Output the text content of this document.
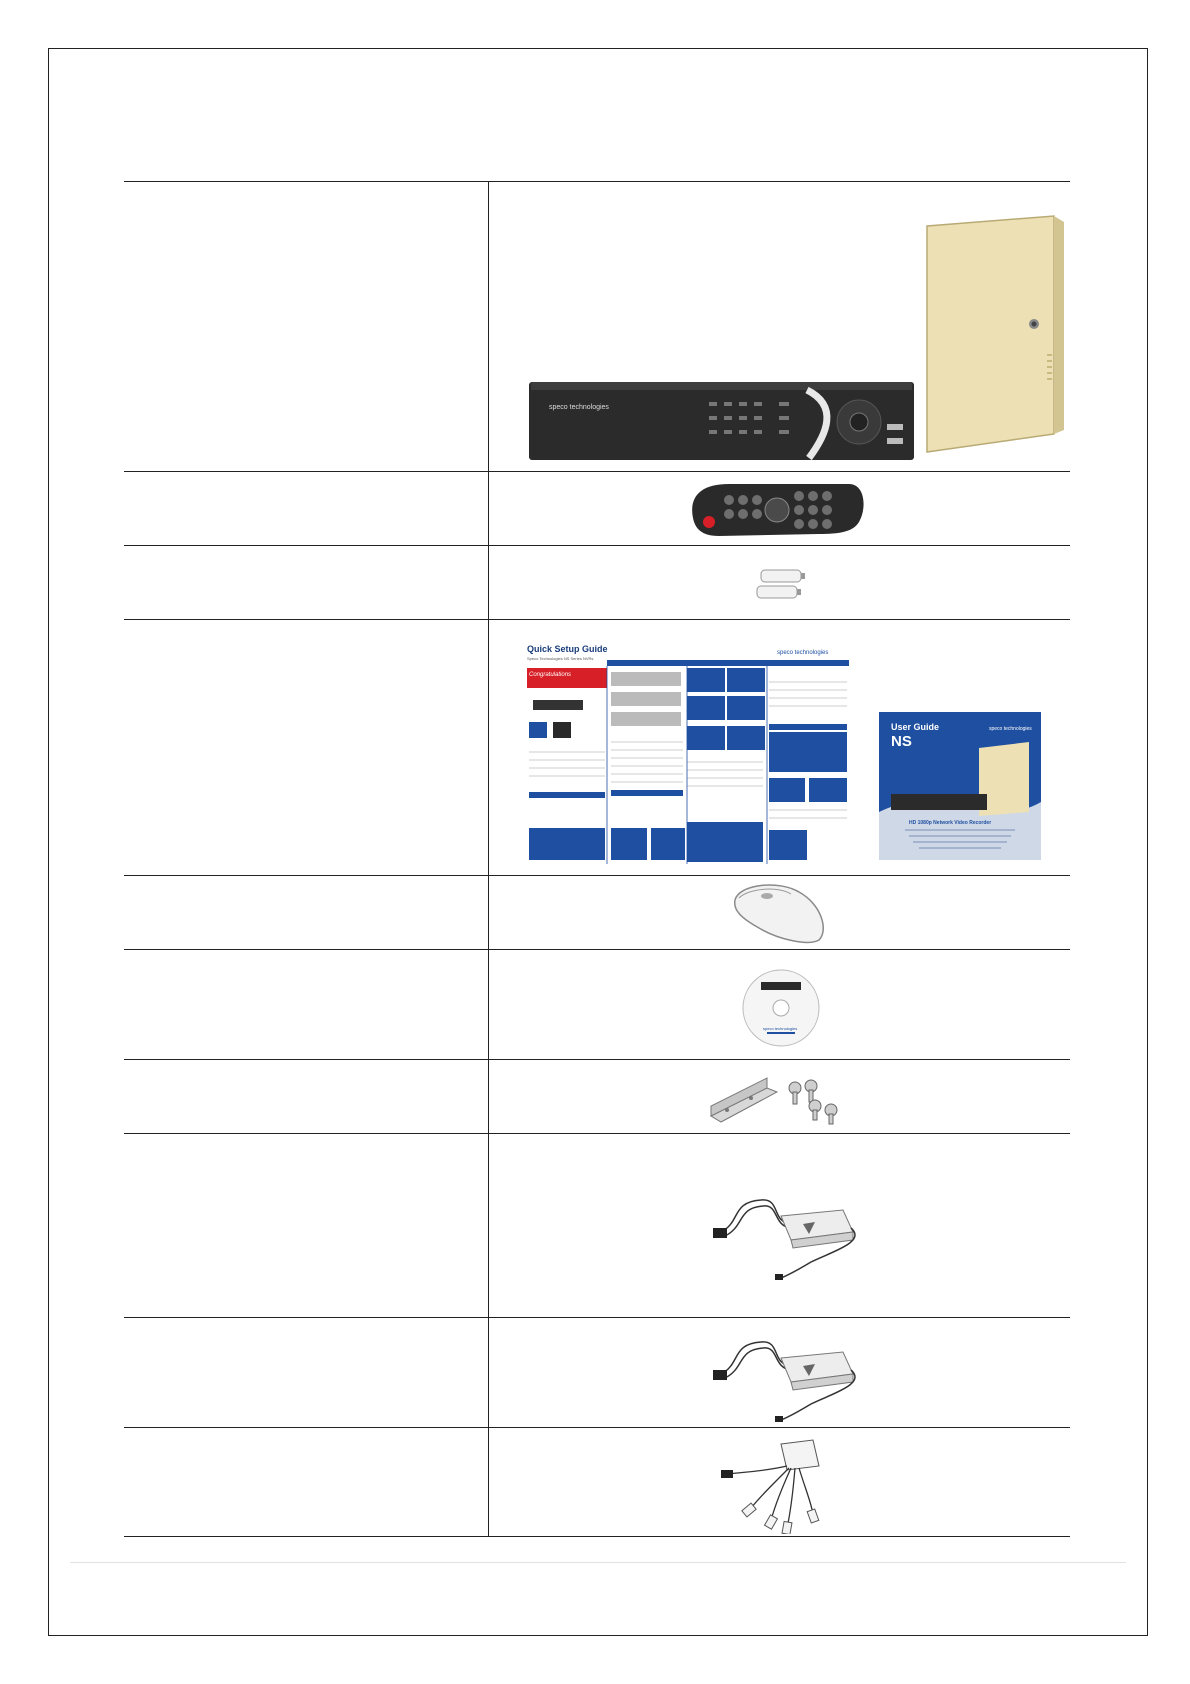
speco technologies
Quick Setup Guide
Speco Technologies NS Series NVRs
Congratulations
speco technologies
User Guide
NS
speco technologies
HD 1080p Network Video Recorder
speco technologies
